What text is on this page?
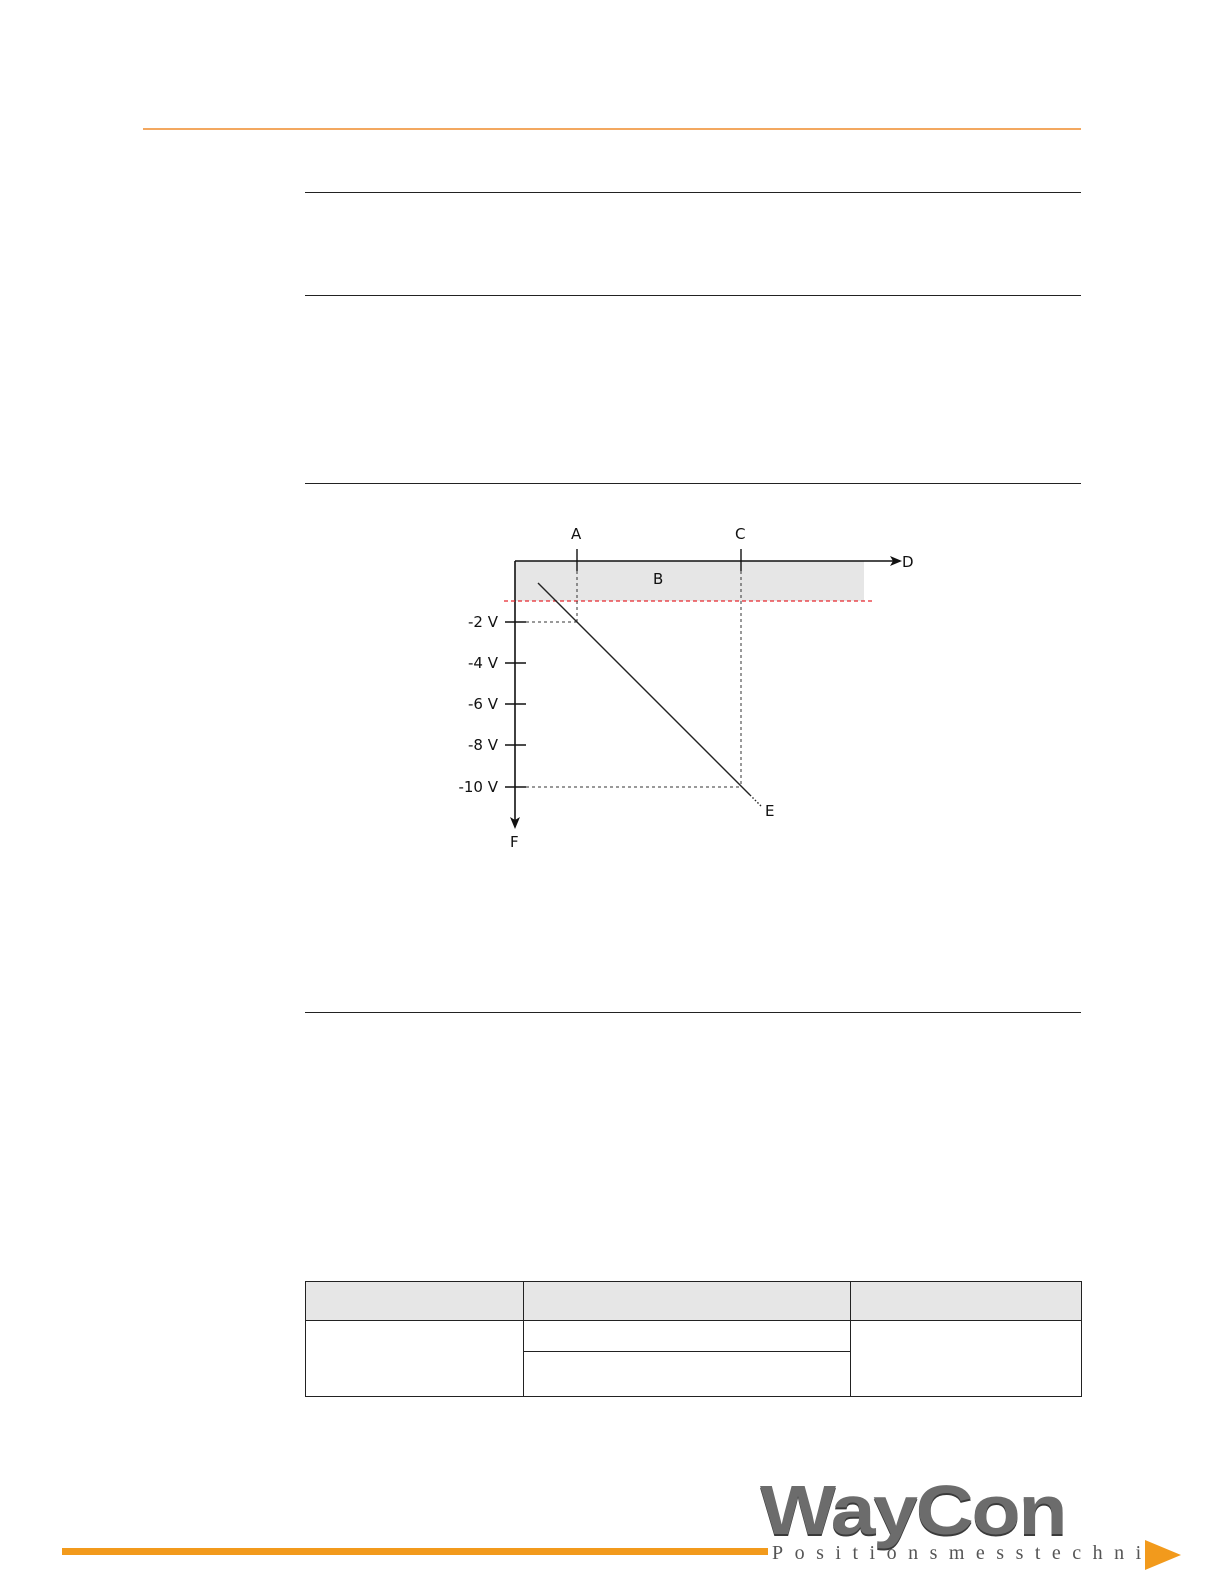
A	C
B
D
E
F
-2 V
-4 V
-6 V
-8 V
-10 V

WayCon
Positionsmesstechnik
